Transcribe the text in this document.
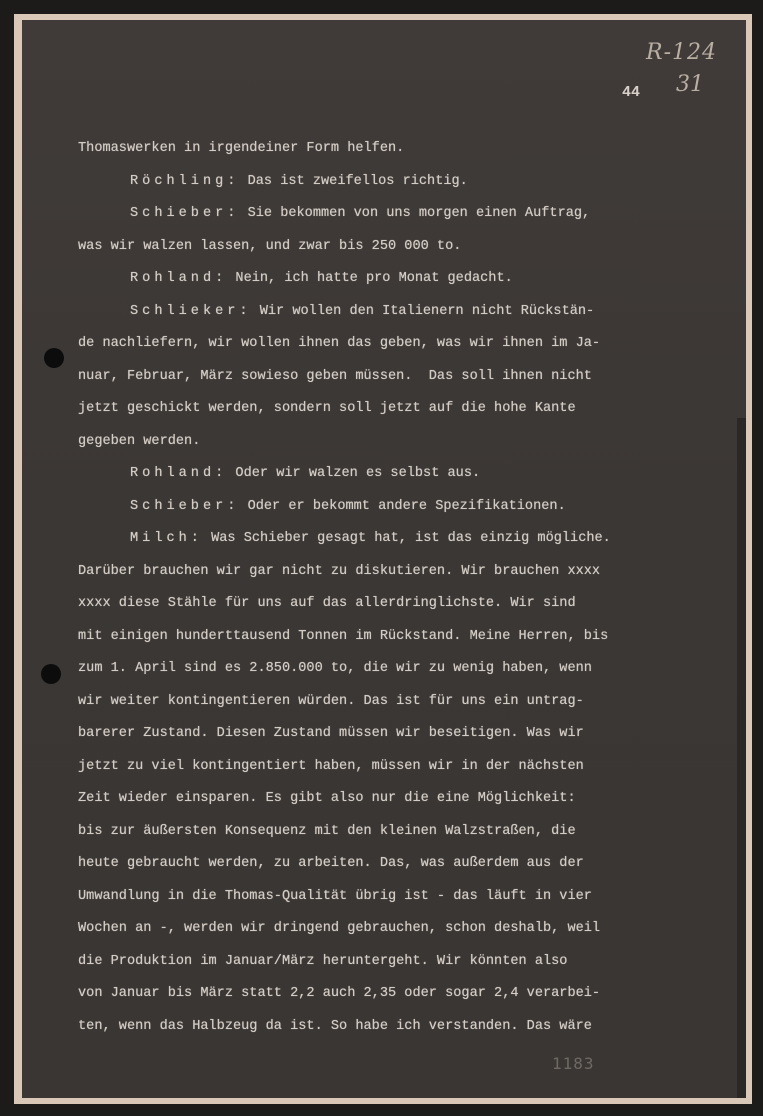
R-124
31
44
Thomaswerken in irgendeiner Form helfen.
Röchling: Das ist zweifellos richtig.
Schieber: Sie bekommen von uns morgen einen Auftrag,
was wir walzen lassen, und zwar bis 250 000 to.
Rohland: Nein, ich hatte pro Monat gedacht.
Schlieker: Wir wollen den Italienern nicht Rückstän-
de nachliefern, wir wollen ihnen das geben, was wir ihnen im Ja-
nuar, Februar, März sowieso geben müssen.  Das soll ihnen nicht
jetzt geschickt werden, sondern soll jetzt auf die hohe Kante
gegeben werden.
Rohland: Oder wir walzen es selbst aus.
Schieber: Oder er bekommt andere Spezifikationen.
Milch: Was Schieber gesagt hat, ist das einzig mögliche.
Darüber brauchen wir gar nicht zu diskutieren. Wir brauchen xxxx
xxxx diese Stähle für uns auf das allerdringlichste. Wir sind
mit einigen hunderttausend Tonnen im Rückstand. Meine Herren, bis
zum 1. April sind es 2.850.000 to, die wir zu wenig haben, wenn
wir weiter kontingentieren würden. Das ist für uns ein untrag-
barerer Zustand. Diesen Zustand müssen wir beseitigen. Was wir
jetzt zu viel kontingentiert haben, müssen wir in der nächsten
Zeit wieder einsparen. Es gibt also nur die eine Möglichkeit:
bis zur äußersten Konsequenz mit den kleinen Walzstraßen, die
heute gebraucht werden, zu arbeiten. Das, was außerdem aus der
Umwandlung in die Thomas-Qualität übrig ist - das läuft in vier
Wochen an -, werden wir dringend gebrauchen, schon deshalb, weil
die Produktion im Januar/März heruntergeht. Wir könnten also
von Januar bis März statt 2,2 auch 2,35 oder sogar 2,4 verarbei-
ten, wenn das Halbzeug da ist. So habe ich verstanden. Das wäre
1183
